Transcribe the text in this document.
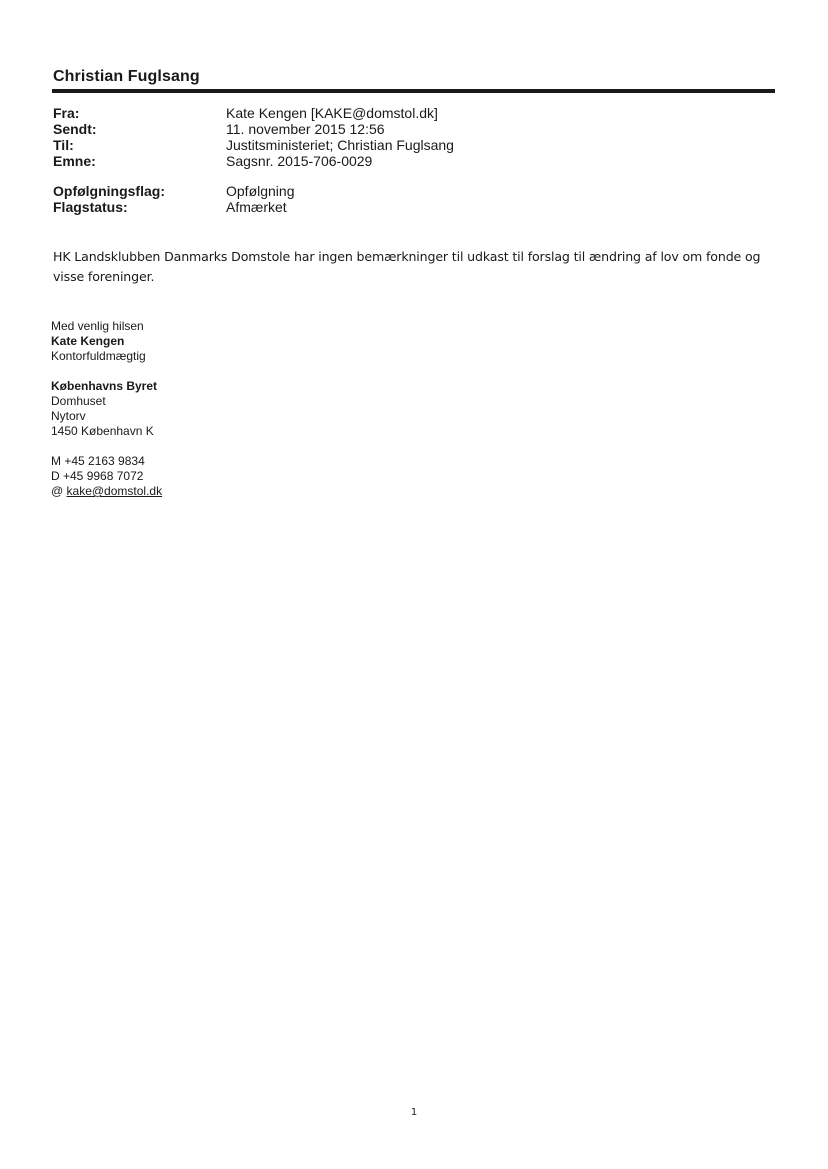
Christian Fuglsang
Fra:	Kate Kengen [KAKE@domstol.dk]
Sendt:	11. november 2015 12:56
Til:	Justitsministeriet; Christian Fuglsang
Emne:	Sagsnr. 2015-706-0029
Opfølgningsflag:	Opfølgning
Flagstatus:	Afmærket
HK Landsklubben Danmarks Domstole har ingen bemærkninger til udkast til forslag til ændring af lov om fonde og
visse foreninger.
Med venlig hilsen
Kate Kengen
Kontorfuldmægtig
Københavns Byret
Domhuset
Nytorv
1450 København K
M +45 2163 9834
D +45 9968 7072
@ kake@domstol.dk
1
